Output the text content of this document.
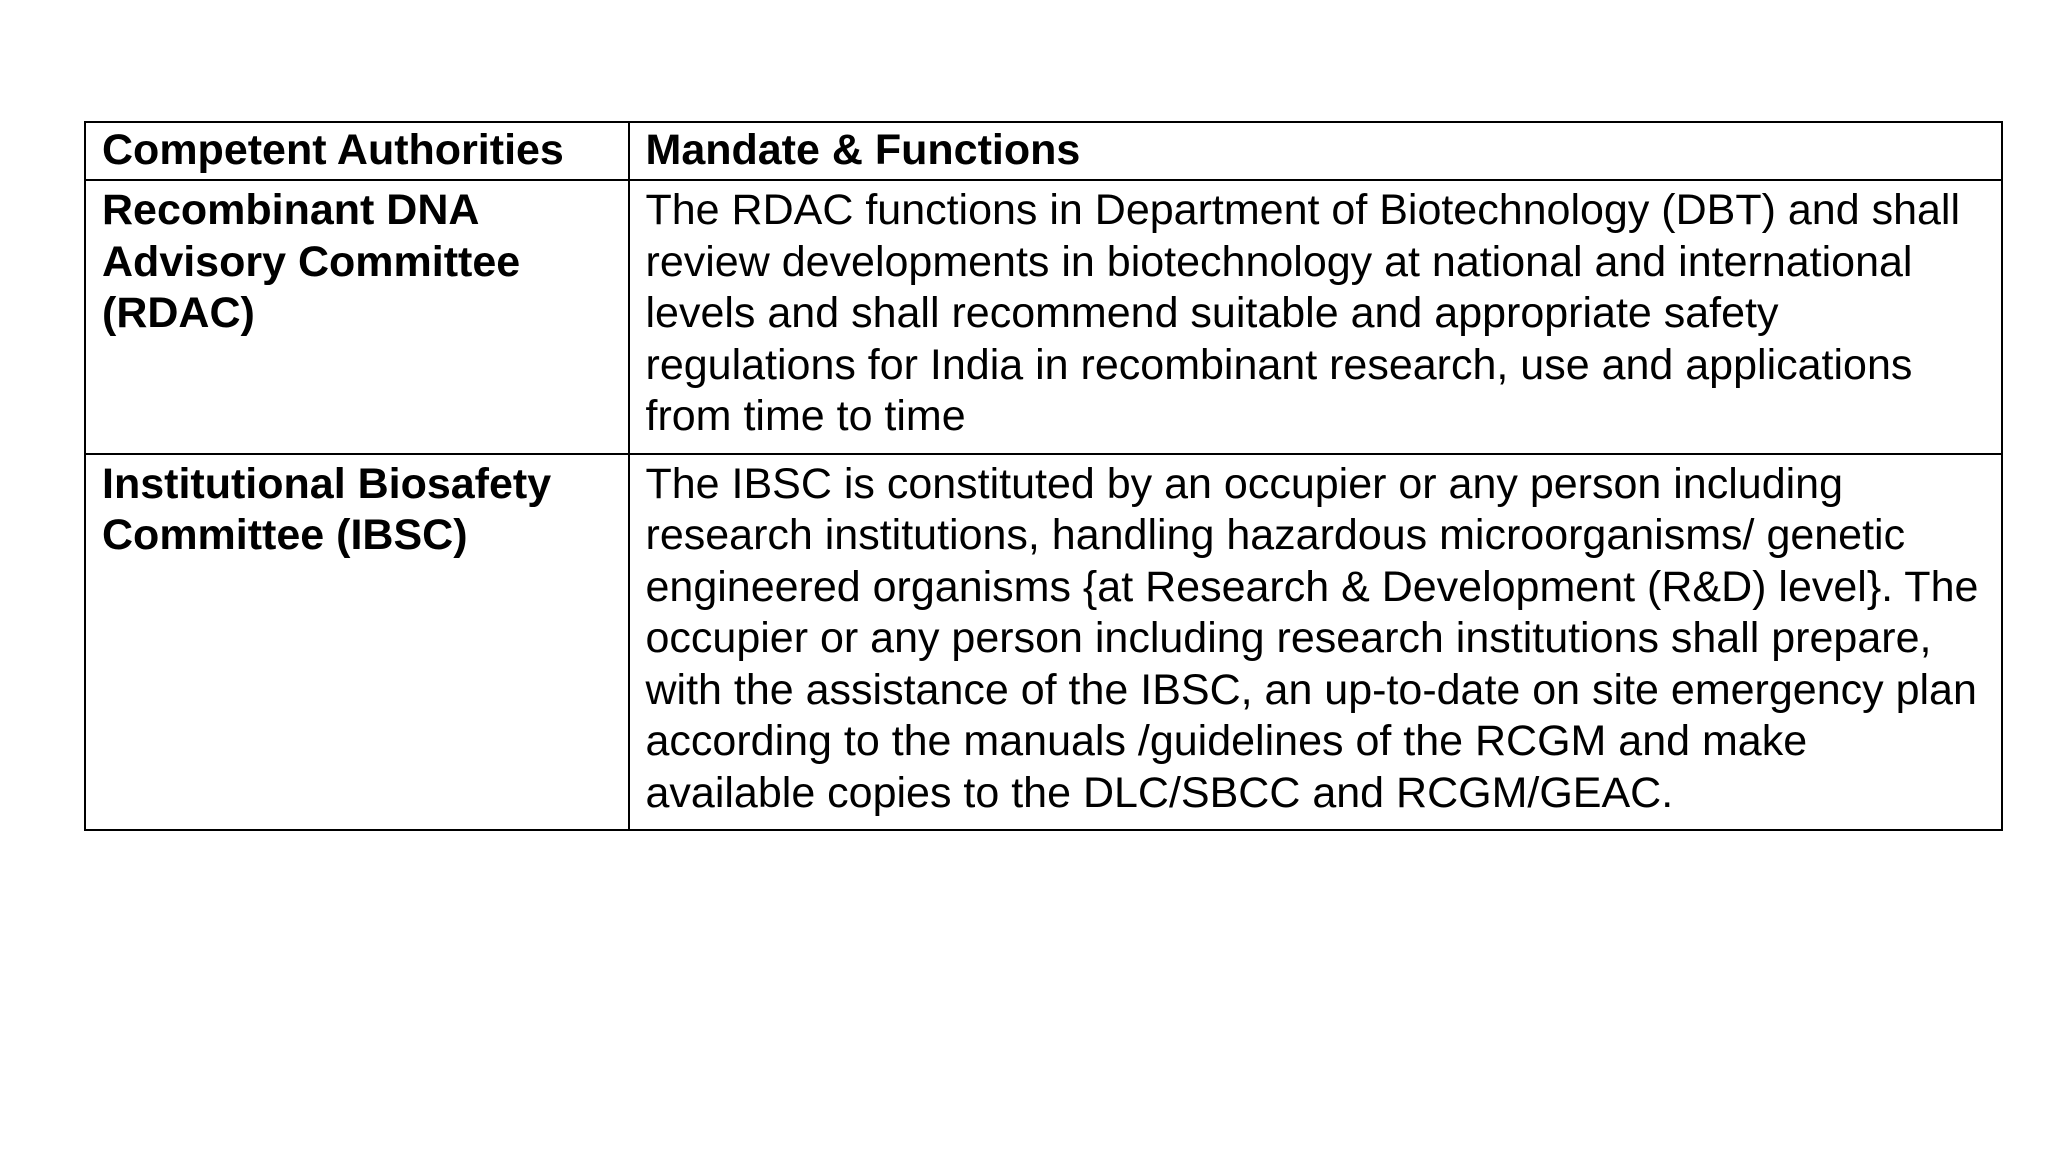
Competent Authorities	Mandate & Functions
Recombinant DNA Advisory Committee (RDAC)	The RDAC functions in Department of Biotechnology (DBT) and shall review developments in biotechnology at national and international levels and shall recommend suitable and appropriate safety regulations for India in recombinant research, use and applications from time to time
Institutional Biosafety Committee (IBSC)	The IBSC is constituted by an occupier or any person including research institutions, handling hazardous microorganisms/ genetic engineered organisms {at Research & Development (R&D) level}. The occupier or any person including research institutions shall prepare, with the assistance of the IBSC, an up-to-date on site emergency plan according to the manuals /guidelines of the RCGM and make available copies to the DLC/SBCC and RCGM/GEAC.
